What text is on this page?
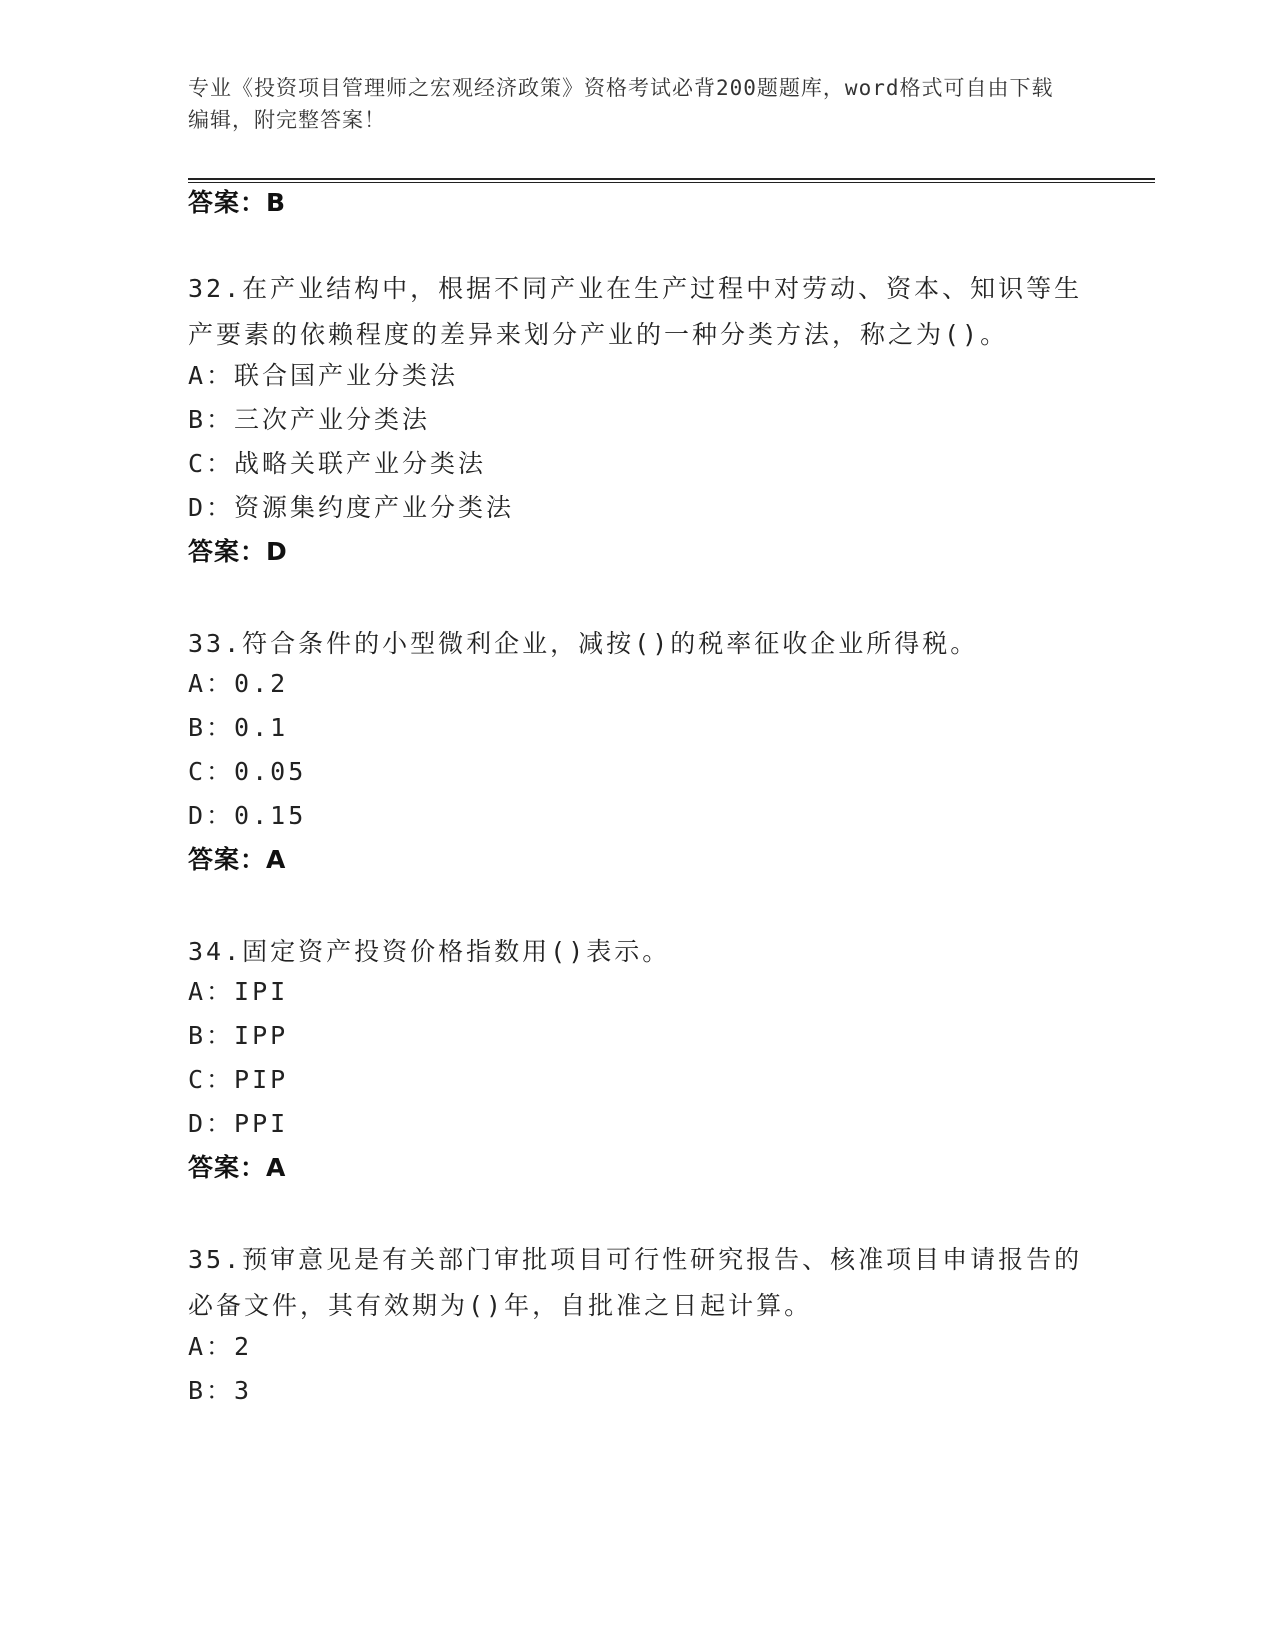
专业《投资项目管理师之宏观经济政策》资格考试必背200题题库，word格式可自由下载编辑，附完整答案！
答案：B
32.在产业结构中，根据不同产业在生产过程中对劳动、资本、知识等生产要素的依赖程度的差异来划分产业的一种分类方法，称之为()。
A：联合国产业分类法
B：三次产业分类法
C：战略关联产业分类法
D：资源集约度产业分类法
答案：D
33.符合条件的小型微利企业，减按()的税率征收企业所得税。
A：0.2
B：0.1
C：0.05
D：0.15
答案：A
34.固定资产投资价格指数用()表示。
A：IPI
B：IPP
C：PIP
D：PPI
答案：A
35.预审意见是有关部门审批项目可行性研究报告、核准项目申请报告的必备文件，其有效期为()年，自批准之日起计算。
A：2
B：3
